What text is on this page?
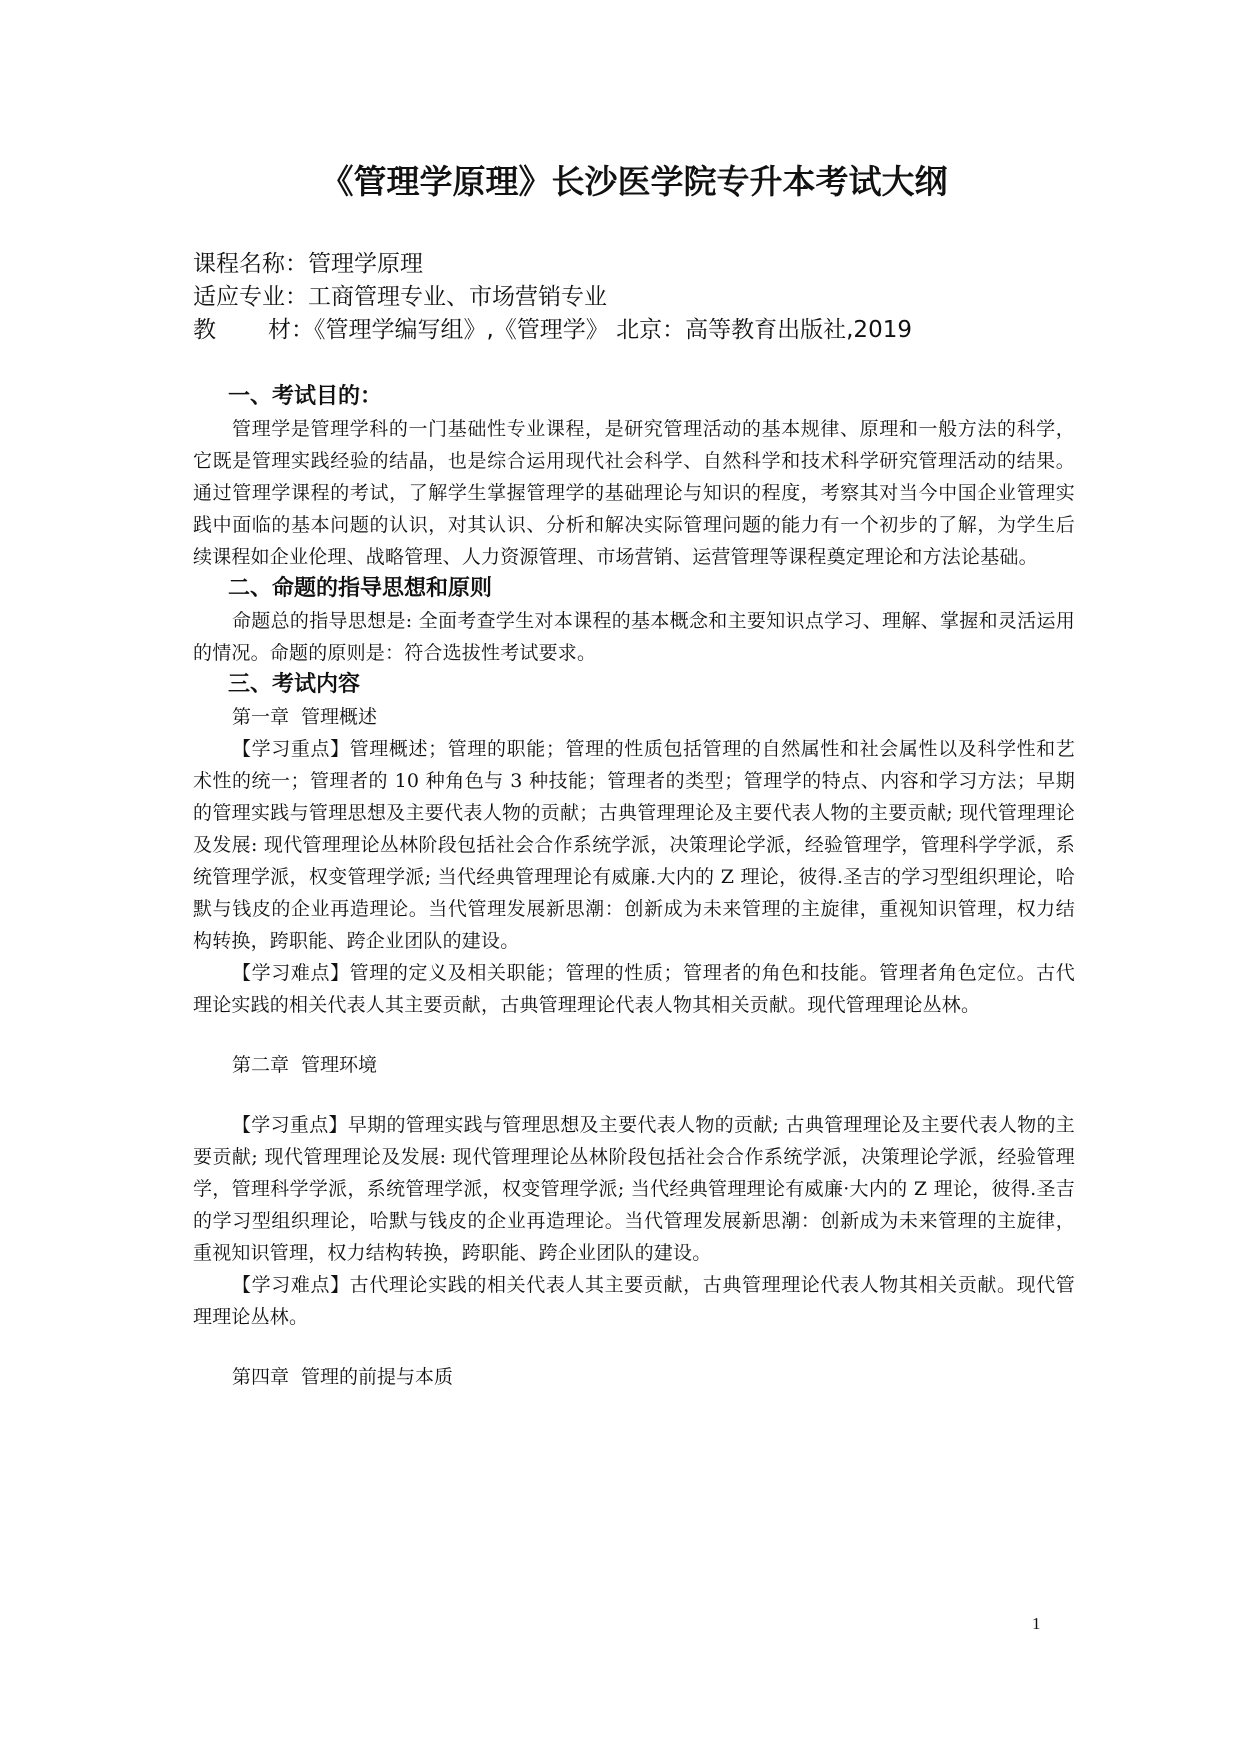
《管理学原理》长沙医学院专升本考试大纲

课程名称：管理学原理

适应专业：工商管理专业、市场营销专业

教 材：《管理学编写组》,《管理学》 北京：高等教育出版社,2019

一、考试目的：

管理学是管理学科的一门基础性专业课程，是研究管理活动的基本规律、原理和一般方法的科学，它既是管理实践经验的结晶，也是综合运用现代社会科学、自然科学和技术科学研究管理活动的结果。通过管理学课程的考试，了解学生掌握管理学的基础理论与知识的程度，考察其对当今中国企业管理实践中面临的基本问题的认识，对其认识、分析和解决实际管理问题的能力有一个初步的了解，为学生后续课程如企业伦理、战略管理、人力资源管理、市场营销、运营管理等课程奠定理论和方法论基础。

二、命题的指导思想和原则

命题总的指导思想是: 全面考查学生对本课程的基本概念和主要知识点学习、理解、掌握和灵活运用的情况。命题的原则是：符合选拔性考试要求。

三、考试内容

第一章 管理概述

【学习重点】管理概述；管理的职能；管理的性质包括管理的自然属性和社会属性以及科学性和艺术性的统一；管理者的 10 种角色与 3 种技能；管理者的类型；管理学的特点、内容和学习方法；早期的管理实践与管理思想及主要代表人物的贡献；古典管理理论及主要代表人物的主要贡献; 现代管理理论及发展: 现代管理理论丛林阶段包括社会合作系统学派，决策理论学派，经验管理学，管理科学学派，系统管理学派，权变管理学派; 当代经典管理理论有威廉.大内的 Z 理论，彼得.圣吉的学习型组织理论，哈默与钱皮的企业再造理论。当代管理发展新思潮：创新成为未来管理的主旋律，重视知识管理，权力结构转换，跨职能、跨企业团队的建设。

【学习难点】管理的定义及相关职能；管理的性质；管理者的角色和技能。管理者角色定位。古代理论实践的相关代表人其主要贡献，古典管理理论代表人物其相关贡献。现代管理理论丛林。

第二章 管理环境

【学习重点】早期的管理实践与管理思想及主要代表人物的贡献; 古典管理理论及主要代表人物的主要贡献; 现代管理理论及发展: 现代管理理论丛林阶段包括社会合作系统学派，决策理论学派，经验管理学，管理科学学派，系统管理学派，权变管理学派; 当代经典管理理论有威廉·大内的 Z 理论，彼得.圣吉的学习型组织理论，哈默与钱皮的企业再造理论。当代管理发展新思潮：创新成为未来管理的主旋律，重视知识管理，权力结构转换，跨职能、跨企业团队的建设。

【学习难点】古代理论实践的相关代表人其主要贡献，古典管理理论代表人物其相关贡献。现代管理理论丛林。

第四章 管理的前提与本质

1
